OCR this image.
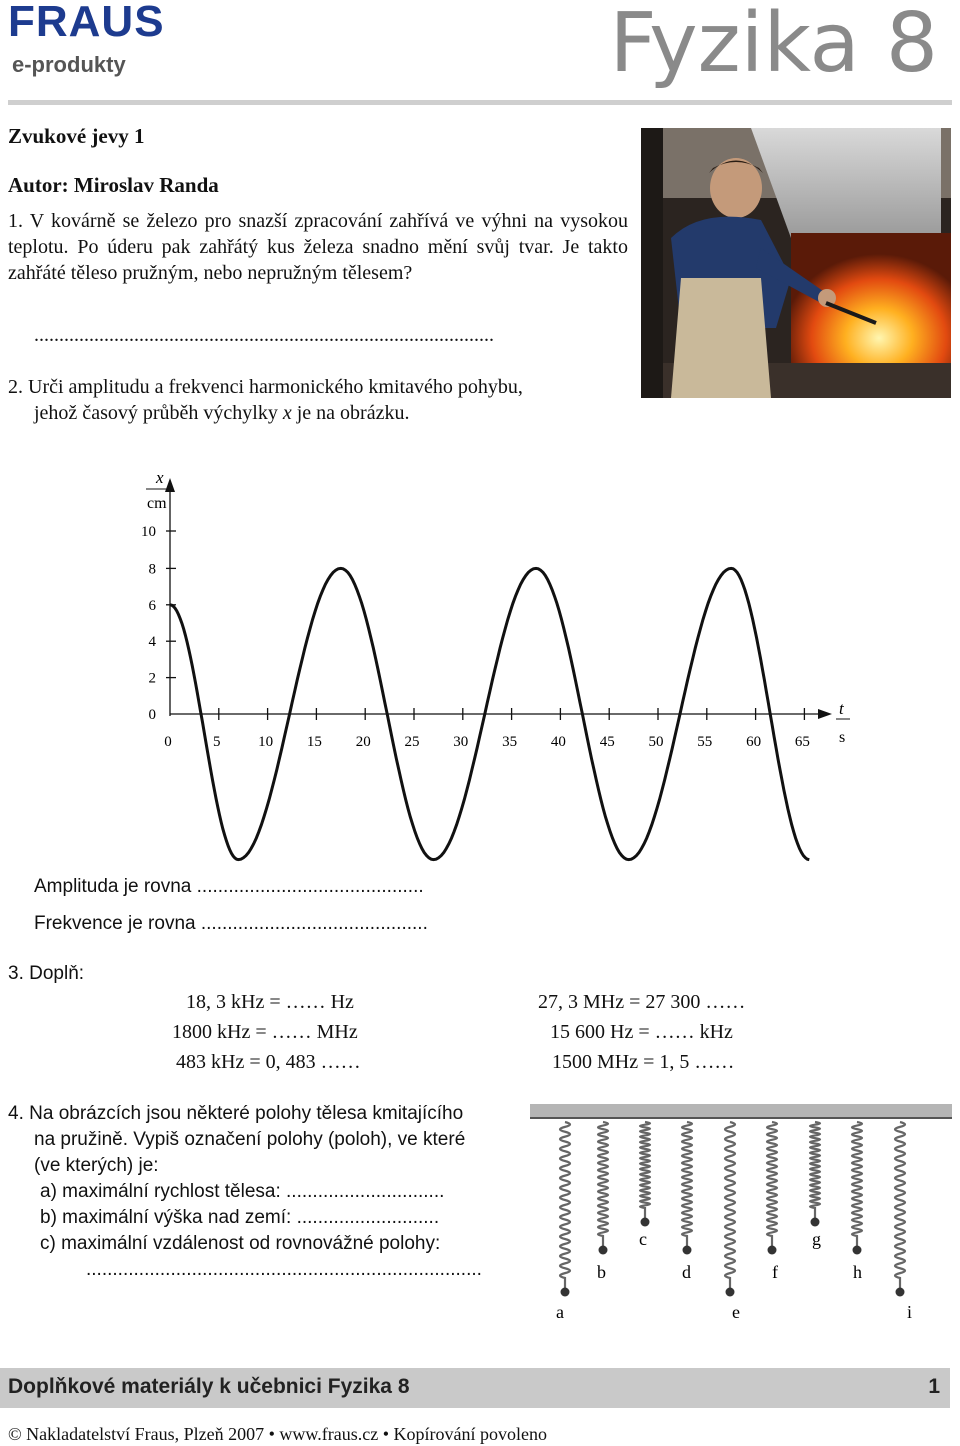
FRAUS
e-produkty	Fyzika 8
Zvukové jevy 1
Autor: Miroslav Randa
1. V kovárně se železo pro snazší zpracování zahřívá ve výhni na vysokou teplotu. Po úderu pak zahřátý kus železa snadno mění svůj tvar. Je takto zahřáté těleso pružným, nebo nepružným tělesem?
............................................................................................
2. Urči amplitudu a frekvenci harmonického kmitavého pohybu,
jehož časový průběh výchylky x je na obrázku.
x
cm
t
s
10
8
6
4
2
0
0	5	10 15 20 25 30 35 40 45 50 55 60 65
Amplituda je rovna ...........................................
Frekvence je rovna ...........................................
3. Doplň:
18, 3 kHz = …… Hz
1800 kHz = …… MHz
483 kHz = 0, 483 ……
27, 3 MHz = 27 300 ……
15 600 Hz = …… kHz
1500 MHz = 1, 5 ……
4. Na obrázcích jsou některé polohy tělesa kmitajícího
na pružině. Vypiš označení polohy (poloh), ve které
(ve kterých) je:
a) maximální rychlost tělesa: ..............................
b) maximální výška nad zemí: ...........................
c) maximální vzdálenost od rovnovážné polohy:
...........................................................................
a
b
c
d
e
f
g
h
i
Doplňkové materiály k učebnici Fyzika 8	1
© Nakladatelství Fraus, Plzeň 2007 • www.fraus.cz • Kopírování povoleno
